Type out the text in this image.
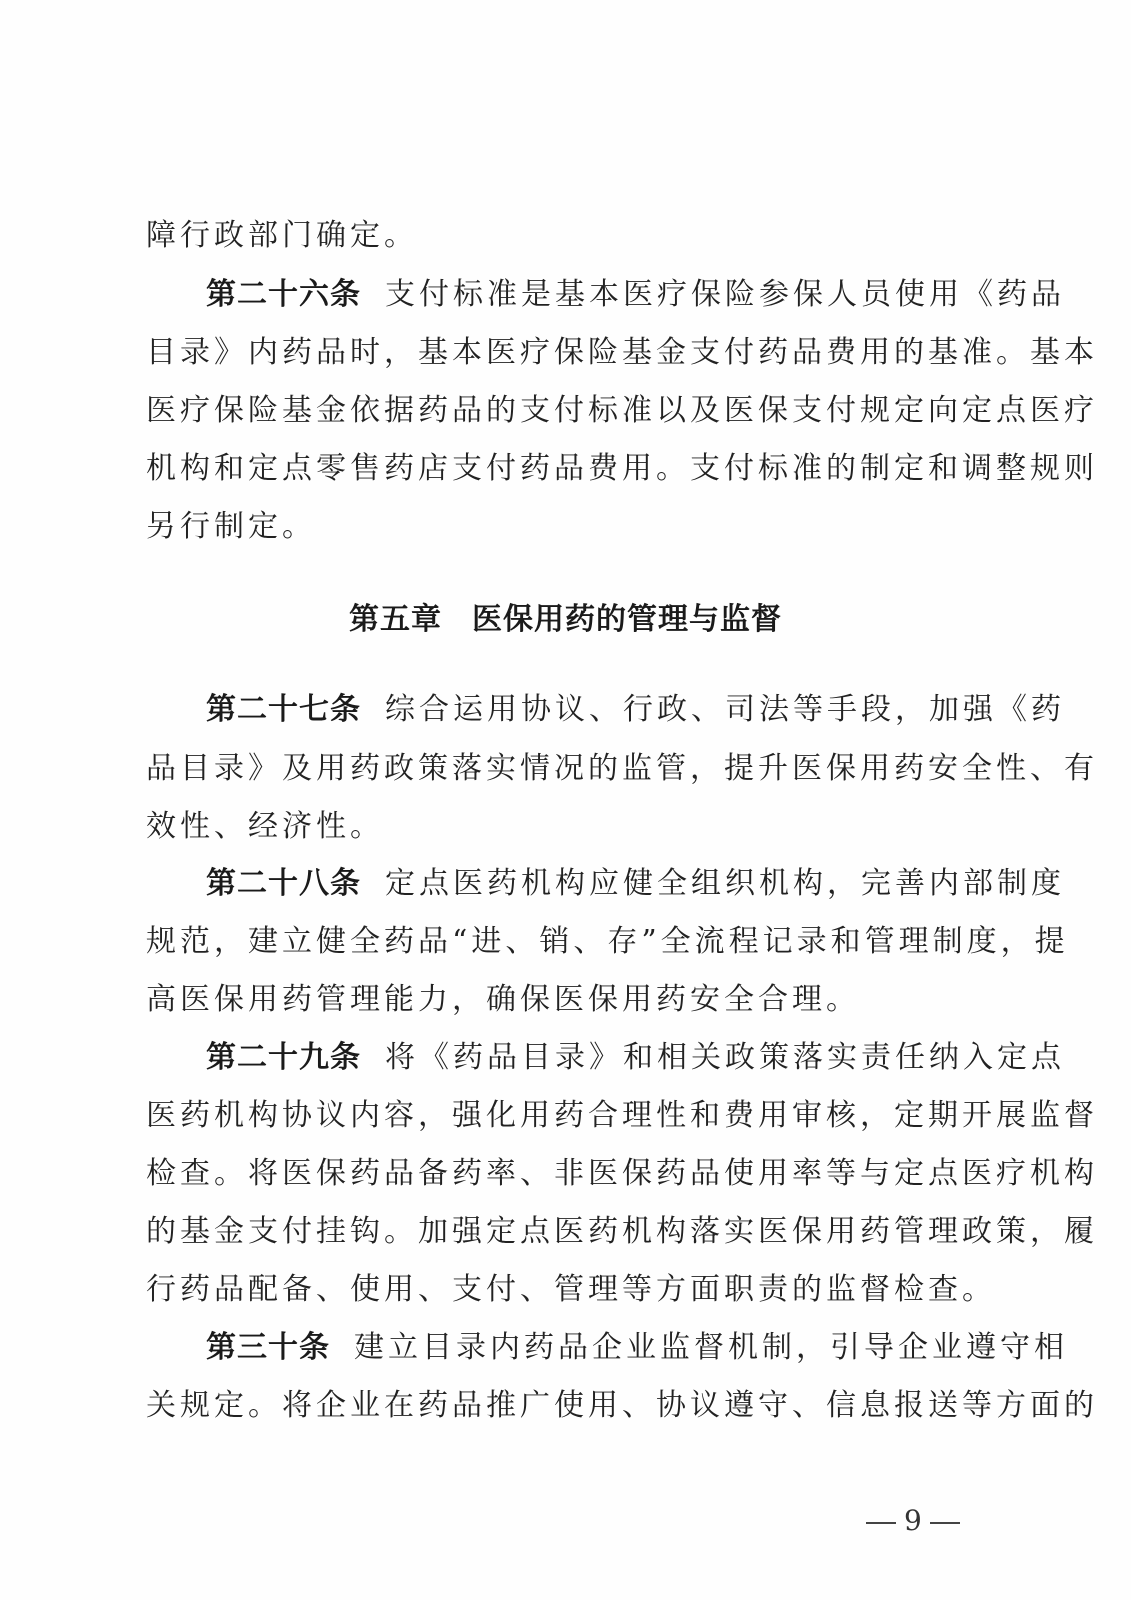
障行政部门确定。
第二十六条 支付标准是基本医疗保险参保人员使用《药品
目录》内药品时，基本医疗保险基金支付药品费用的基准。基本
医疗保险基金依据药品的支付标准以及医保支付规定向定点医疗
机构和定点零售药店支付药品费用。支付标准的制定和调整规则
另行制定。
第五章 医保用药的管理与监督
第二十七条 综合运用协议、行政、司法等手段，加强《药
品目录》及用药政策落实情况的监管，提升医保用药安全性、有
效性、经济性。
第二十八条 定点医药机构应健全组织机构，完善内部制度
规范，建立健全药品“进、销、存”全流程记录和管理制度，提
高医保用药管理能力，确保医保用药安全合理。
第二十九条 将《药品目录》和相关政策落实责任纳入定点
医药机构协议内容，强化用药合理性和费用审核，定期开展监督
检查。将医保药品备药率、非医保药品使用率等与定点医疗机构
的基金支付挂钩。加强定点医药机构落实医保用药管理政策，履
行药品配备、使用、支付、管理等方面职责的监督检查。
第三十条 建立目录内药品企业监督机制，引导企业遵守相
关规定。将企业在药品推广使用、协议遵守、信息报送等方面的
9
